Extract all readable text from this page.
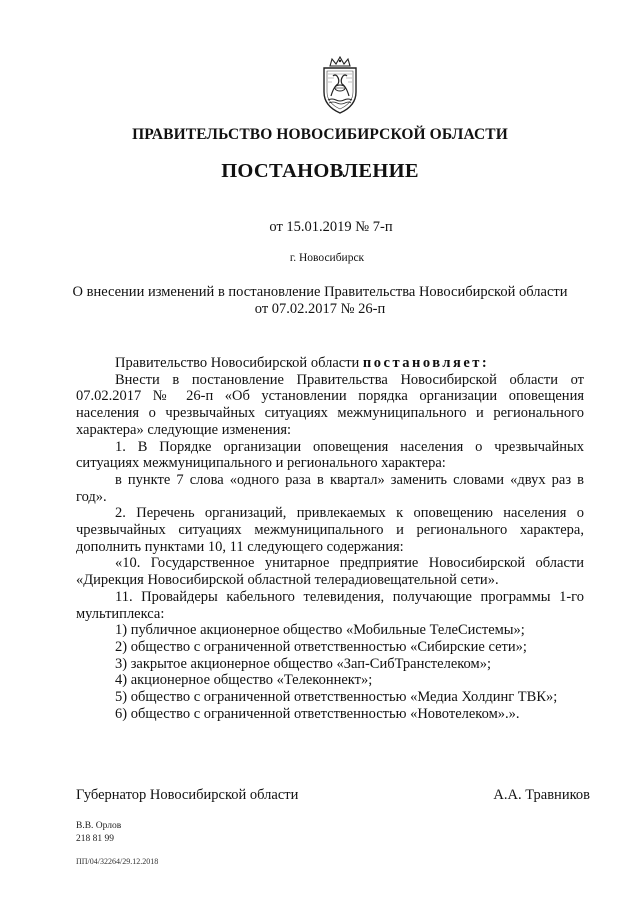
ПРАВИТЕЛЬСТВО НОВОСИБИРСКОЙ ОБЛАСТИ
ПОСТАНОВЛЕНИЕ
от 15.01.2019 № 7-п
г. Новосибирск
О внесении изменений в постановление Правительства Новосибирской области
от 07.02.2017 № 26-п

Правительство Новосибирской области постановляет:

Внести в постановление Правительства Новосибирской области от 07.02.2017 № 26-п «Об установлении порядка организации оповещения населения о чрезвычайных ситуациях межмуниципального и регионального характера» следующие изменения:

1. В Порядке организации оповещения населения о чрезвычайных ситуациях межмуниципального и регионального характера:

в пункте 7 слова «одного раза в квартал» заменить словами «двух раз в год».

2. Перечень организаций, привлекаемых к оповещению населения о чрезвычайных ситуациях межмуниципального и регионального характера, дополнить пунктами 10, 11 следующего содержания:

«10. Государственное унитарное предприятие Новосибирской области «Дирекция Новосибирской областной телерадиовещательной сети».

11. Провайдеры кабельного телевидения, получающие программы 1-го мультиплекса:

1) публичное акционерное общество «Мобильные ТелеСистемы»;

2) общество с ограниченной ответственностью «Сибирские сети»;

3) закрытое акционерное общество «Зап-СибТранстелеком»;

4) акционерное общество «Телеконнект»;

5) общество с ограниченной ответственностью «Медиа Холдинг ТВК»;

6) общество с ограниченной ответственностью «Новотелеком».».

Губернатор Новосибирской области	А.А. Травников
В.В. Орлов
218 81 99
ПП/04/32264/29.12.2018
